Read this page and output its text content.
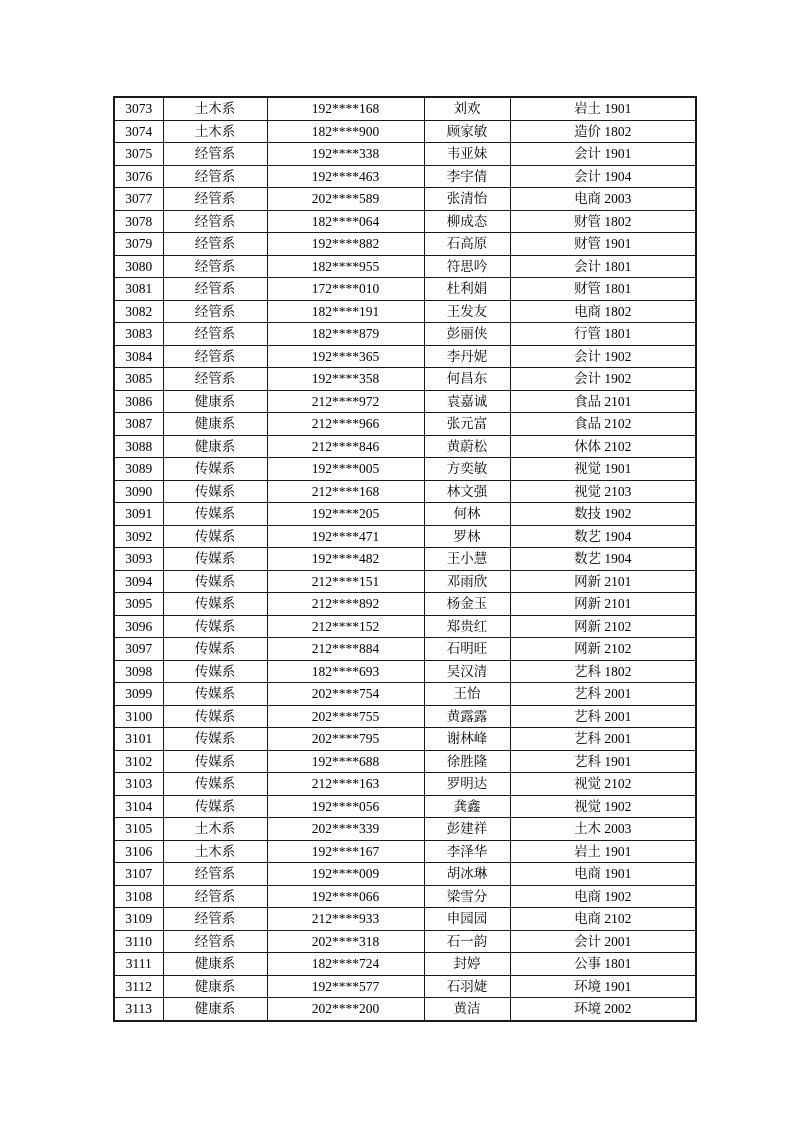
3073	土木系	192****168	刘欢	岩土 1901
3074	土木系	182****900	顾家敏	造价 1802
3075	经管系	192****338	韦亚妹	会计 1901
3076	经管系	192****463	李宇倩	会计 1904
3077	经管系	202****589	张清怡	电商 2003
3078	经管系	182****064	柳成态	财管 1802
3079	经管系	192****882	石高原	财管 1901
3080	经管系	182****955	符思吟	会计 1801
3081	经管系	172****010	杜利娟	财管 1801
3082	经管系	182****191	王发友	电商 1802
3083	经管系	182****879	彭丽侠	行管 1801
3084	经管系	192****365	李丹妮	会计 1902
3085	经管系	192****358	何昌东	会计 1902
3086	健康系	212****972	袁嘉诚	食品 2101
3087	健康系	212****966	张元富	食品 2102
3088	健康系	212****846	黄蔚松	休体 2102
3089	传媒系	192****005	方奕敏	视觉 1901
3090	传媒系	212****168	林文强	视觉 2103
3091	传媒系	192****205	何林	数技 1902
3092	传媒系	192****471	罗林	数艺 1904
3093	传媒系	192****482	王小慧	数艺 1904
3094	传媒系	212****151	邓雨欣	网新 2101
3095	传媒系	212****892	杨金玉	网新 2101
3096	传媒系	212****152	郑贵红	网新 2102
3097	传媒系	212****884	石明旺	网新 2102
3098	传媒系	182****693	吴汉清	艺科 1802
3099	传媒系	202****754	王怡	艺科 2001
3100	传媒系	202****755	黄露露	艺科 2001
3101	传媒系	202****795	谢林峰	艺科 2001
3102	传媒系	192****688	徐胜隆	艺科 1901
3103	传媒系	212****163	罗明达	视觉 2102
3104	传媒系	192****056	龚鑫	视觉 1902
3105	土木系	202****339	彭建祥	土木 2003
3106	土木系	192****167	李泽华	岩土 1901
3107	经管系	192****009	胡冰琳	电商 1901
3108	经管系	192****066	梁雪分	电商 1902
3109	经管系	212****933	申园园	电商 2102
3110	经管系	202****318	石一韵	会计 2001
3111	健康系	182****724	封婷	公事 1801
3112	健康系	192****577	石羽婕	环境 1901
3113	健康系	202****200	黄洁	环境 2002
